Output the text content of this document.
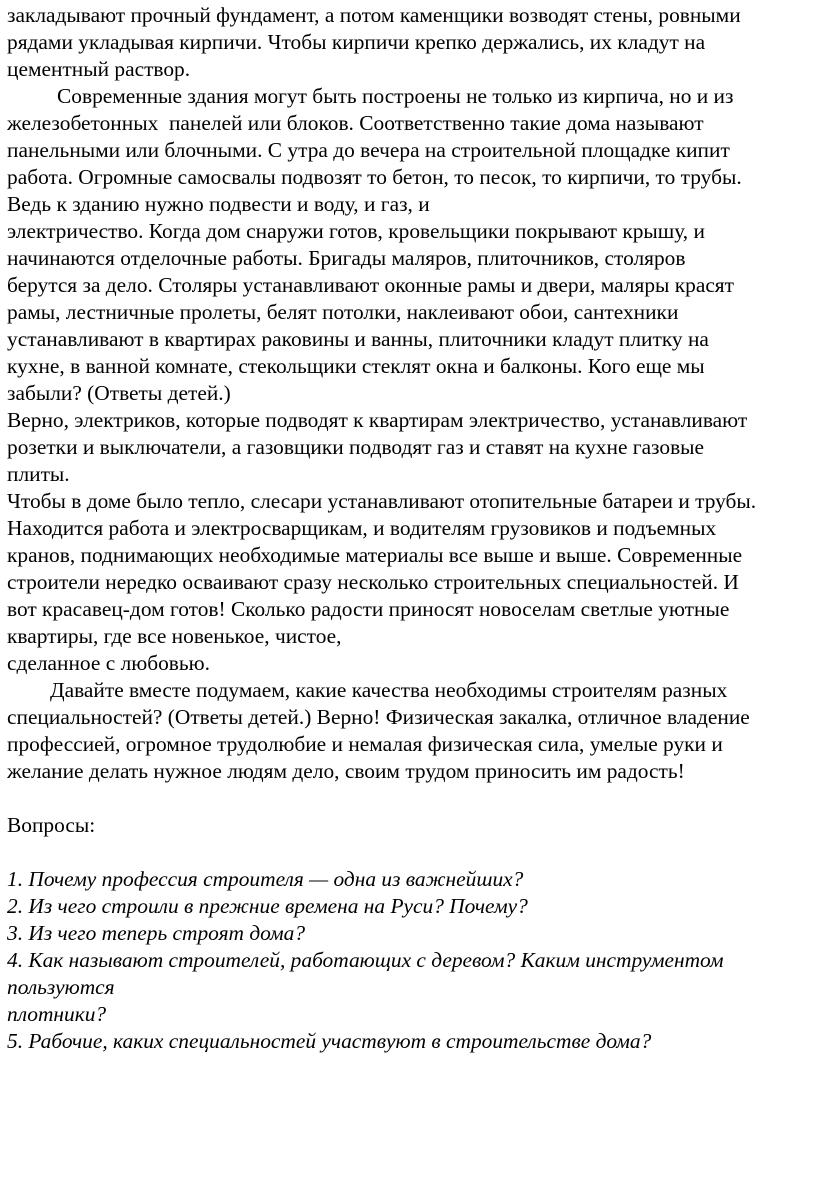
закладывают прочный фундамент, а потом каменщики возводят стены, ровными
рядами укладывая кирпичи. Чтобы кирпичи крепко держались, их кладут на
цементный раствор.
Современные здания могут быть построены не только из кирпича, но и из
железобетонных  панелей или блоков. Соответственно такие дома называют
панельными или блочными. С утра до вечера на строительной площадке кипит
работа. Огромные самосвалы подвозят то бетон, то песок, то кирпичи, то трубы.
Ведь к зданию нужно подвести и воду, и газ, и
электричество. Когда дом снаружи готов, кровельщики покрывают крышу, и
начинаются отделочные работы. Бригады маляров, плиточников, столяров
берутся за дело. Столяры устанавливают оконные рамы и двери, маляры красят
рамы, лестничные пролеты, белят потолки, наклеивают обои, сантехники
устанавливают в квартирах раковины и ванны, плиточники кладут плитку на
кухне, в ванной комнате, стекольщики стеклят окна и балконы. Кого еще мы
забыли? (Ответы детей.)
Верно, электриков, которые подводят к квартирам электричество, устанавливают
розетки и выключатели, а газовщики подводят газ и ставят на кухне газовые
плиты.
Чтобы в доме было тепло, слесари устанавливают отопительные батареи и трубы.
Находится работа и электросварщикам, и водителям грузовиков и подъемных
кранов, поднимающих необходимые материалы все выше и выше. Современные
строители нередко осваивают сразу несколько строительных специальностей. И
вот красавец-дом готов! Сколько радости приносят новоселам светлые уютные
квартиры, где все новенькое, чистое,
сделанное с любовью.
Давайте вместе подумаем, какие качества необходимы строителям разных
специальностей? (Ответы детей.) Верно! Физическая закалка, отличное владение
профессией, огромное трудолюбие и немалая физическая сила, умелые руки и
желание делать нужное людям дело, своим трудом приносить им радость!
Вопросы:
1. Почему профессия строителя — одна из важнейших?
2. Из чего строили в прежние времена на Руси? Почему?
3. Из чего теперь строят дома?
4. Как называют строителей, работающих с деревом? Каким инструментом
пользуются
плотники?
5. Рабочие, каких специальностей участвуют в строительстве дома?
